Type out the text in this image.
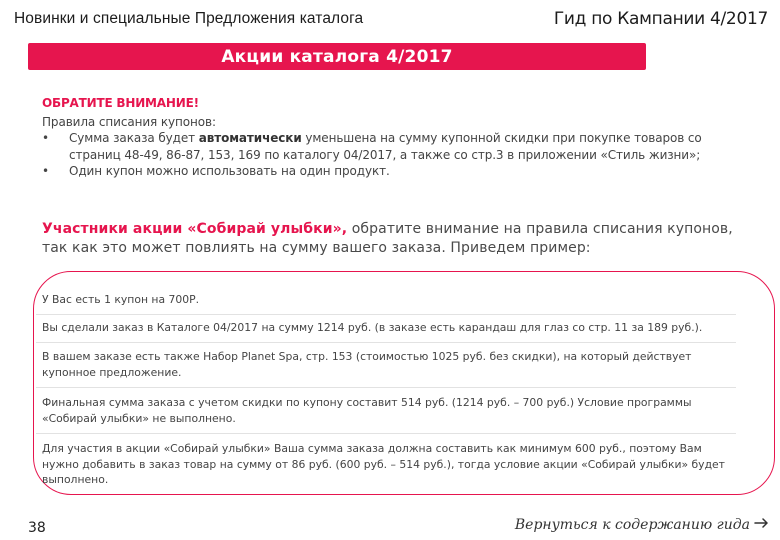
Новинки и специальные Предложения каталога	Гид по Кампании 4/2017
Акции каталога 4/2017
ОБРАТИТЕ ВНИМАНИЕ!
Правила списания купонов:
• Сумма заказа будет автоматически уменьшена на сумму купонной скидки при покупке товаров со страниц 48-49, 86-87, 153, 169 по каталогу 04/2017, а также со стр.3 в приложении «Стиль жизни»;
• Один купон можно использовать на один продукт.
Участники акции «Собирай улыбки», обратите внимание на правила списания купонов, так как это может повлиять на сумму вашего заказа. Приведем пример:
У Вас есть 1 купон на 700Р.
Вы сделали заказ в Каталоге 04/2017 на сумму 1214 руб. (в заказе есть карандаш для глаз со стр. 11 за 189 руб.).
В вашем заказе есть также Набор Planet Spa, стр. 153 (стоимостью 1025 руб. без скидки), на который действует купонное предложение.
Финальная сумма заказа с учетом скидки по купону составит 514 руб. (1214 руб. – 700 руб.) Условие программы «Собирай улыбки» не выполнено.
Для участия в акции «Собирай улыбки» Ваша сумма заказа должна составить как минимум 600 руб., поэтому Вам нужно добавить в заказ товар на сумму от 86 руб. (600 руб. – 514 руб.), тогда условие акции «Собирай улыбки» будет выполнено.
38	Вернуться к содержанию гида
